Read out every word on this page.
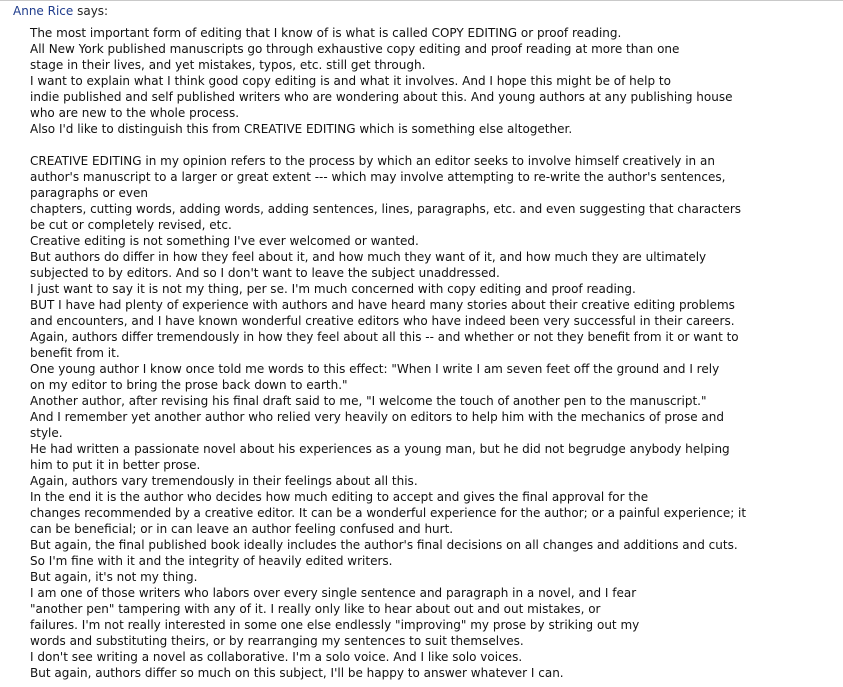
Anne Rice says:
The most important form of editing that I know of is what is called COPY EDITING or proof reading.
All New York published manuscripts go through exhaustive copy editing and proof reading at more than one
stage in their lives, and yet mistakes, typos, etc. still get through.
I want to explain what I think good copy editing is and what it involves. And I hope this might be of help to
indie published and self published writers who are wondering about this. And young authors at any publishing house
who are new to the whole process.
Also I'd like to distinguish this from CREATIVE EDITING which is something else altogether.
CREATIVE EDITING in my opinion refers to the process by which an editor seeks to involve himself creatively in an
author's manuscript to a larger or great extent --- which may involve attempting to re-write the author's sentences,
paragraphs or even
chapters, cutting words, adding words, adding sentences, lines, paragraphs, etc. and even suggesting that characters
be cut or completely revised, etc.
Creative editing is not something I've ever welcomed or wanted.
But authors do differ in how they feel about it, and how much they want of it, and how much they are ultimately
subjected to by editors. And so I don't want to leave the subject unaddressed.
I just want to say it is not my thing, per se. I'm much concerned with copy editing and proof reading.
BUT I have had plenty of experience with authors and have heard many stories about their creative editing problems
and encounters, and I have known wonderful creative editors who have indeed been very successful in their careers.
Again, authors differ tremendously in how they feel about all this -- and whether or not they benefit from it or want to
benefit from it.
One young author I know once told me words to this effect: "When I write I am seven feet off the ground and I rely
on my editor to bring the prose back down to earth."
Another author, after revising his final draft said to me, "I welcome the touch of another pen to the manuscript."
And I remember yet another author who relied very heavily on editors to help him with the mechanics of prose and
style.
He had written a passionate novel about his experiences as a young man, but he did not begrudge anybody helping
him to put it in better prose.
Again, authors vary tremendously in their feelings about all this.
In the end it is the author who decides how much editing to accept and gives the final approval for the
changes recommended by a creative editor. It can be a wonderful experience for the author; or a painful experience; it
can be beneficial; or in can leave an author feeling confused and hurt.
But again, the final published book ideally includes the author's final decisions on all changes and additions and cuts.
So I'm fine with it and the integrity of heavily edited writers.
But again, it's not my thing.
I am one of those writers who labors over every single sentence and paragraph in a novel, and I fear
"another pen" tampering with any of it. I really only like to hear about out and out mistakes, or
failures. I'm not really interested in some one else endlessly "improving" my prose by striking out my
words and substituting theirs, or by rearranging my sentences to suit themselves.
I don't see writing a novel as collaborative. I'm a solo voice. And I like solo voices.
But again, authors differ so much on this subject, I'll be happy to answer whatever I can.
